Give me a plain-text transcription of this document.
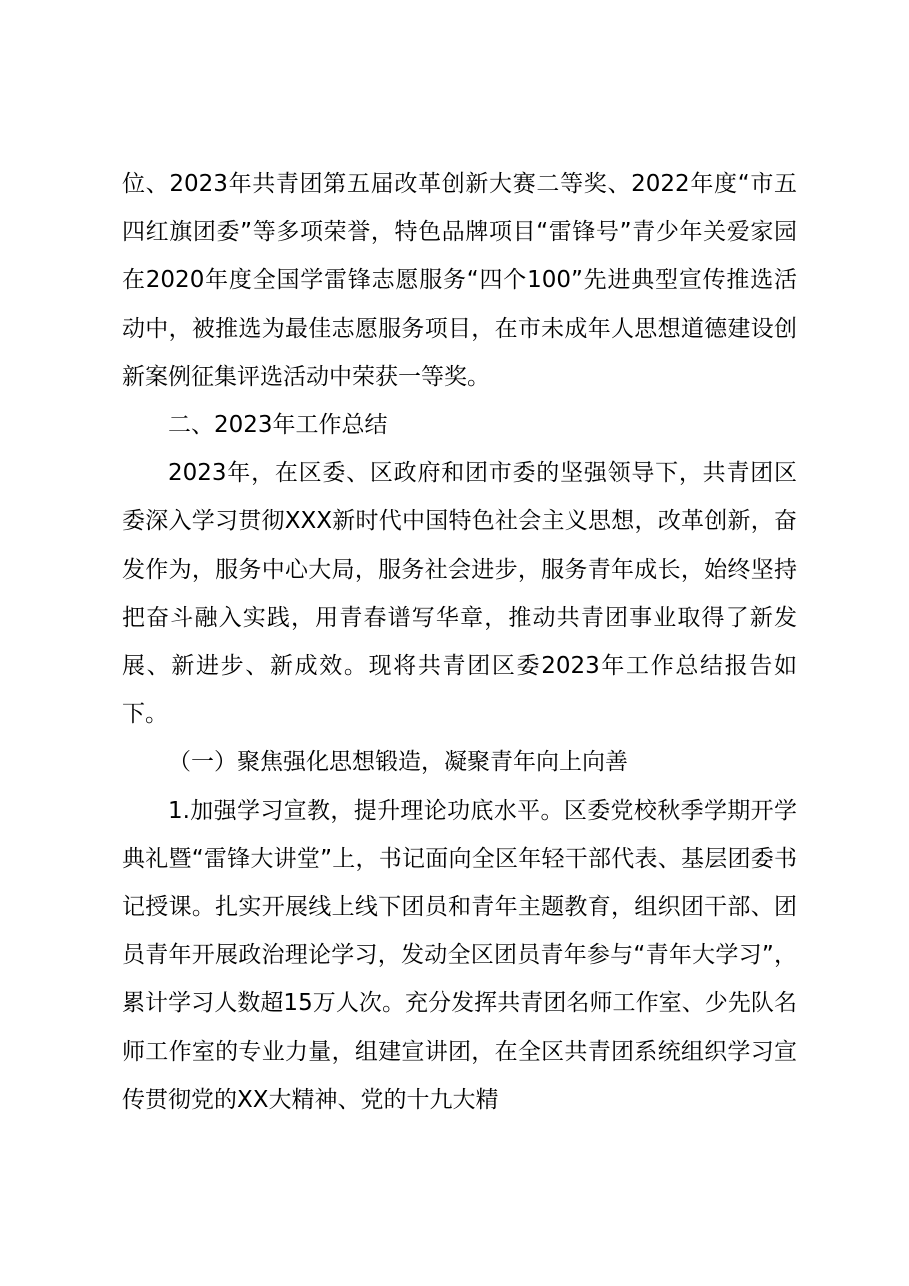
位、2023年共青团第五届改革创新大赛二等奖、2022年度“市五四红旗团委”等多项荣誉，特色品牌项目“雷锋号”青少年关爱家园在2020年度全国学雷锋志愿服务“四个100”先进典型宣传推选活动中，被推选为最佳志愿服务项目，在市未成年人思想道德建设创新案例征集评选活动中荣获一等奖。

二、2023年工作总结

2023年，在区委、区政府和团市委的坚强领导下，共青团区委深入学习贯彻XXX新时代中国特色社会主义思想，改革创新，奋发作为，服务中心大局，服务社会进步，服务青年成长，始终坚持把奋斗融入实践，用青春谱写华章，推动共青团事业取得了新发展、新进步、新成效。现将共青团区委2023年工作总结报告如下。

（一）聚焦强化思想锻造，凝聚青年向上向善

1.加强学习宣教，提升理论功底水平。区委党校秋季学期开学典礼暨“雷锋大讲堂”上，书记面向全区年轻干部代表、基层团委书记授课。扎实开展线上线下团员和青年主题教育，组织团干部、团员青年开展政治理论学习，发动全区团员青年参与“青年大学习”，累计学习人数超15万人次。充分发挥共青团名师工作室、少先队名师工作室的专业力量，组建宣讲团，在全区共青团系统组织学习宣传贯彻党的XX大精神、党的十九大精
